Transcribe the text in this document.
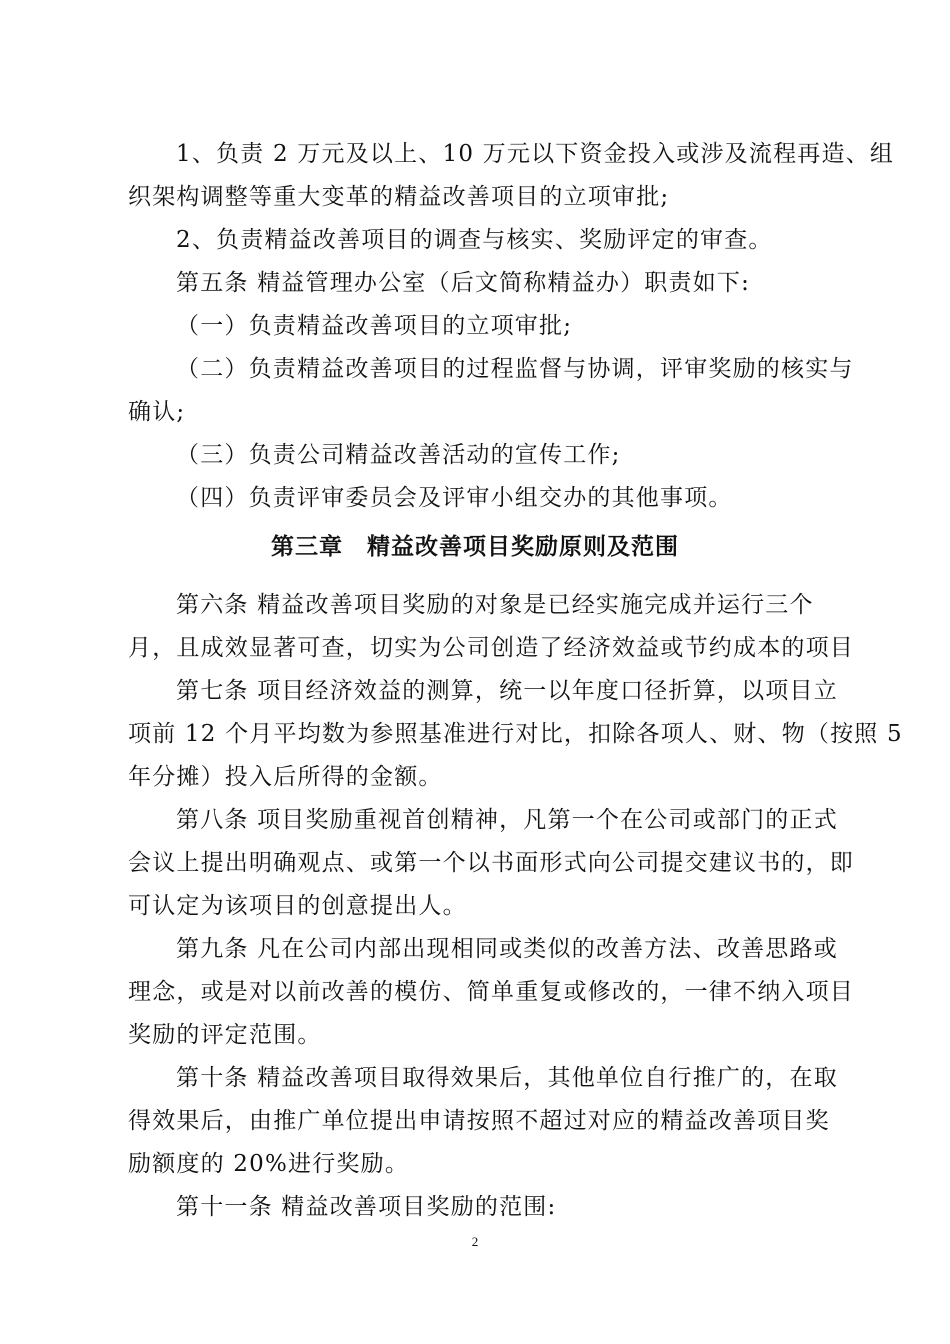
1、负责 2 万元及以上、10 万元以下资金投入或涉及流程再造、组
织架构调整等重大变革的精益改善项目的立项审批;
2、负责精益改善项目的调查与核实、奖励评定的审查。
第五条 精益管理办公室（后文简称精益办）职责如下:
（一）负责精益改善项目的立项审批;
（二）负责精益改善项目的过程监督与协调，评审奖励的核实与
确认;
（三）负责公司精益改善活动的宣传工作;
（四）负责评审委员会及评审小组交办的其他事项。
第三章　精益改善项目奖励原则及范围
第六条 精益改善项目奖励的对象是已经实施完成并运行三个
月，且成效显著可查，切实为公司创造了经济效益或节约成本的项目
第七条 项目经济效益的测算，统一以年度口径折算，以项目立
项前 12 个月平均数为参照基准进行对比，扣除各项人、财、物（按照 5
年分摊）投入后所得的金额。
第八条 项目奖励重视首创精神，凡第一个在公司或部门的正式
会议上提出明确观点、或第一个以书面形式向公司提交建议书的，即
可认定为该项目的创意提出人。
第九条 凡在公司内部出现相同或类似的改善方法、改善思路或
理念，或是对以前改善的模仿、简单重复或修改的，一律不纳入项目
奖励的评定范围。
第十条 精益改善项目取得效果后，其他单位自行推广的，在取
得效果后，由推广单位提出申请按照不超过对应的精益改善项目奖
励额度的 20%进行奖励。
第十一条 精益改善项目奖励的范围:
2
